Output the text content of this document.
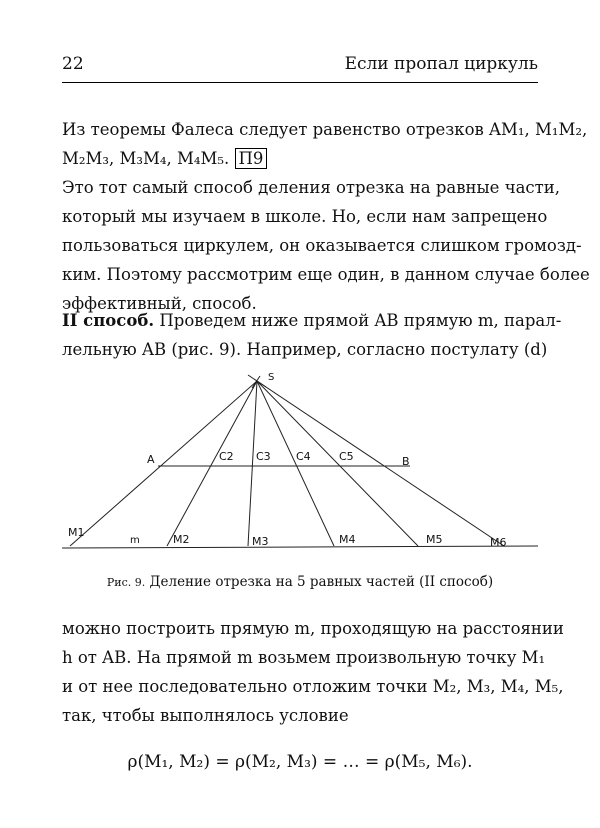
22	Если пропал циркуль
Из теоремы Фалеса следует равенство отрезков AM₁, M₁M₂,
M₂M₃, M₃M₄, M₄M₅. П9
Это тот самый способ деления отрезка на равные части,
который мы изучаем в школе. Но, если нам запрещено
пользоваться циркулем, он оказывается слишком громозд-
ким. Поэтому рассмотрим еще один, в данном случае более
эффективный, способ.
II способ. Проведем ниже прямой AB прямую m, парал-
лельную AB (рис. 9). Например, согласно постулату (d)
S
A	B
C2 C3 C4	C5
M1
m	M2	M3	M4	M5	M6
Рис. 9. Деление отрезка на 5 равных частей (II способ)
можно построить прямую m, проходящую на расстоянии
h от AB. На прямой m возьмем произвольную точку M₁
и от нее последовательно отложим точки M₂, M₃, M₄, M₅,
так, чтобы выполнялось условие
ρ(M₁, M₂) = ρ(M₂, M₃) = … = ρ(M₅, M₆).
